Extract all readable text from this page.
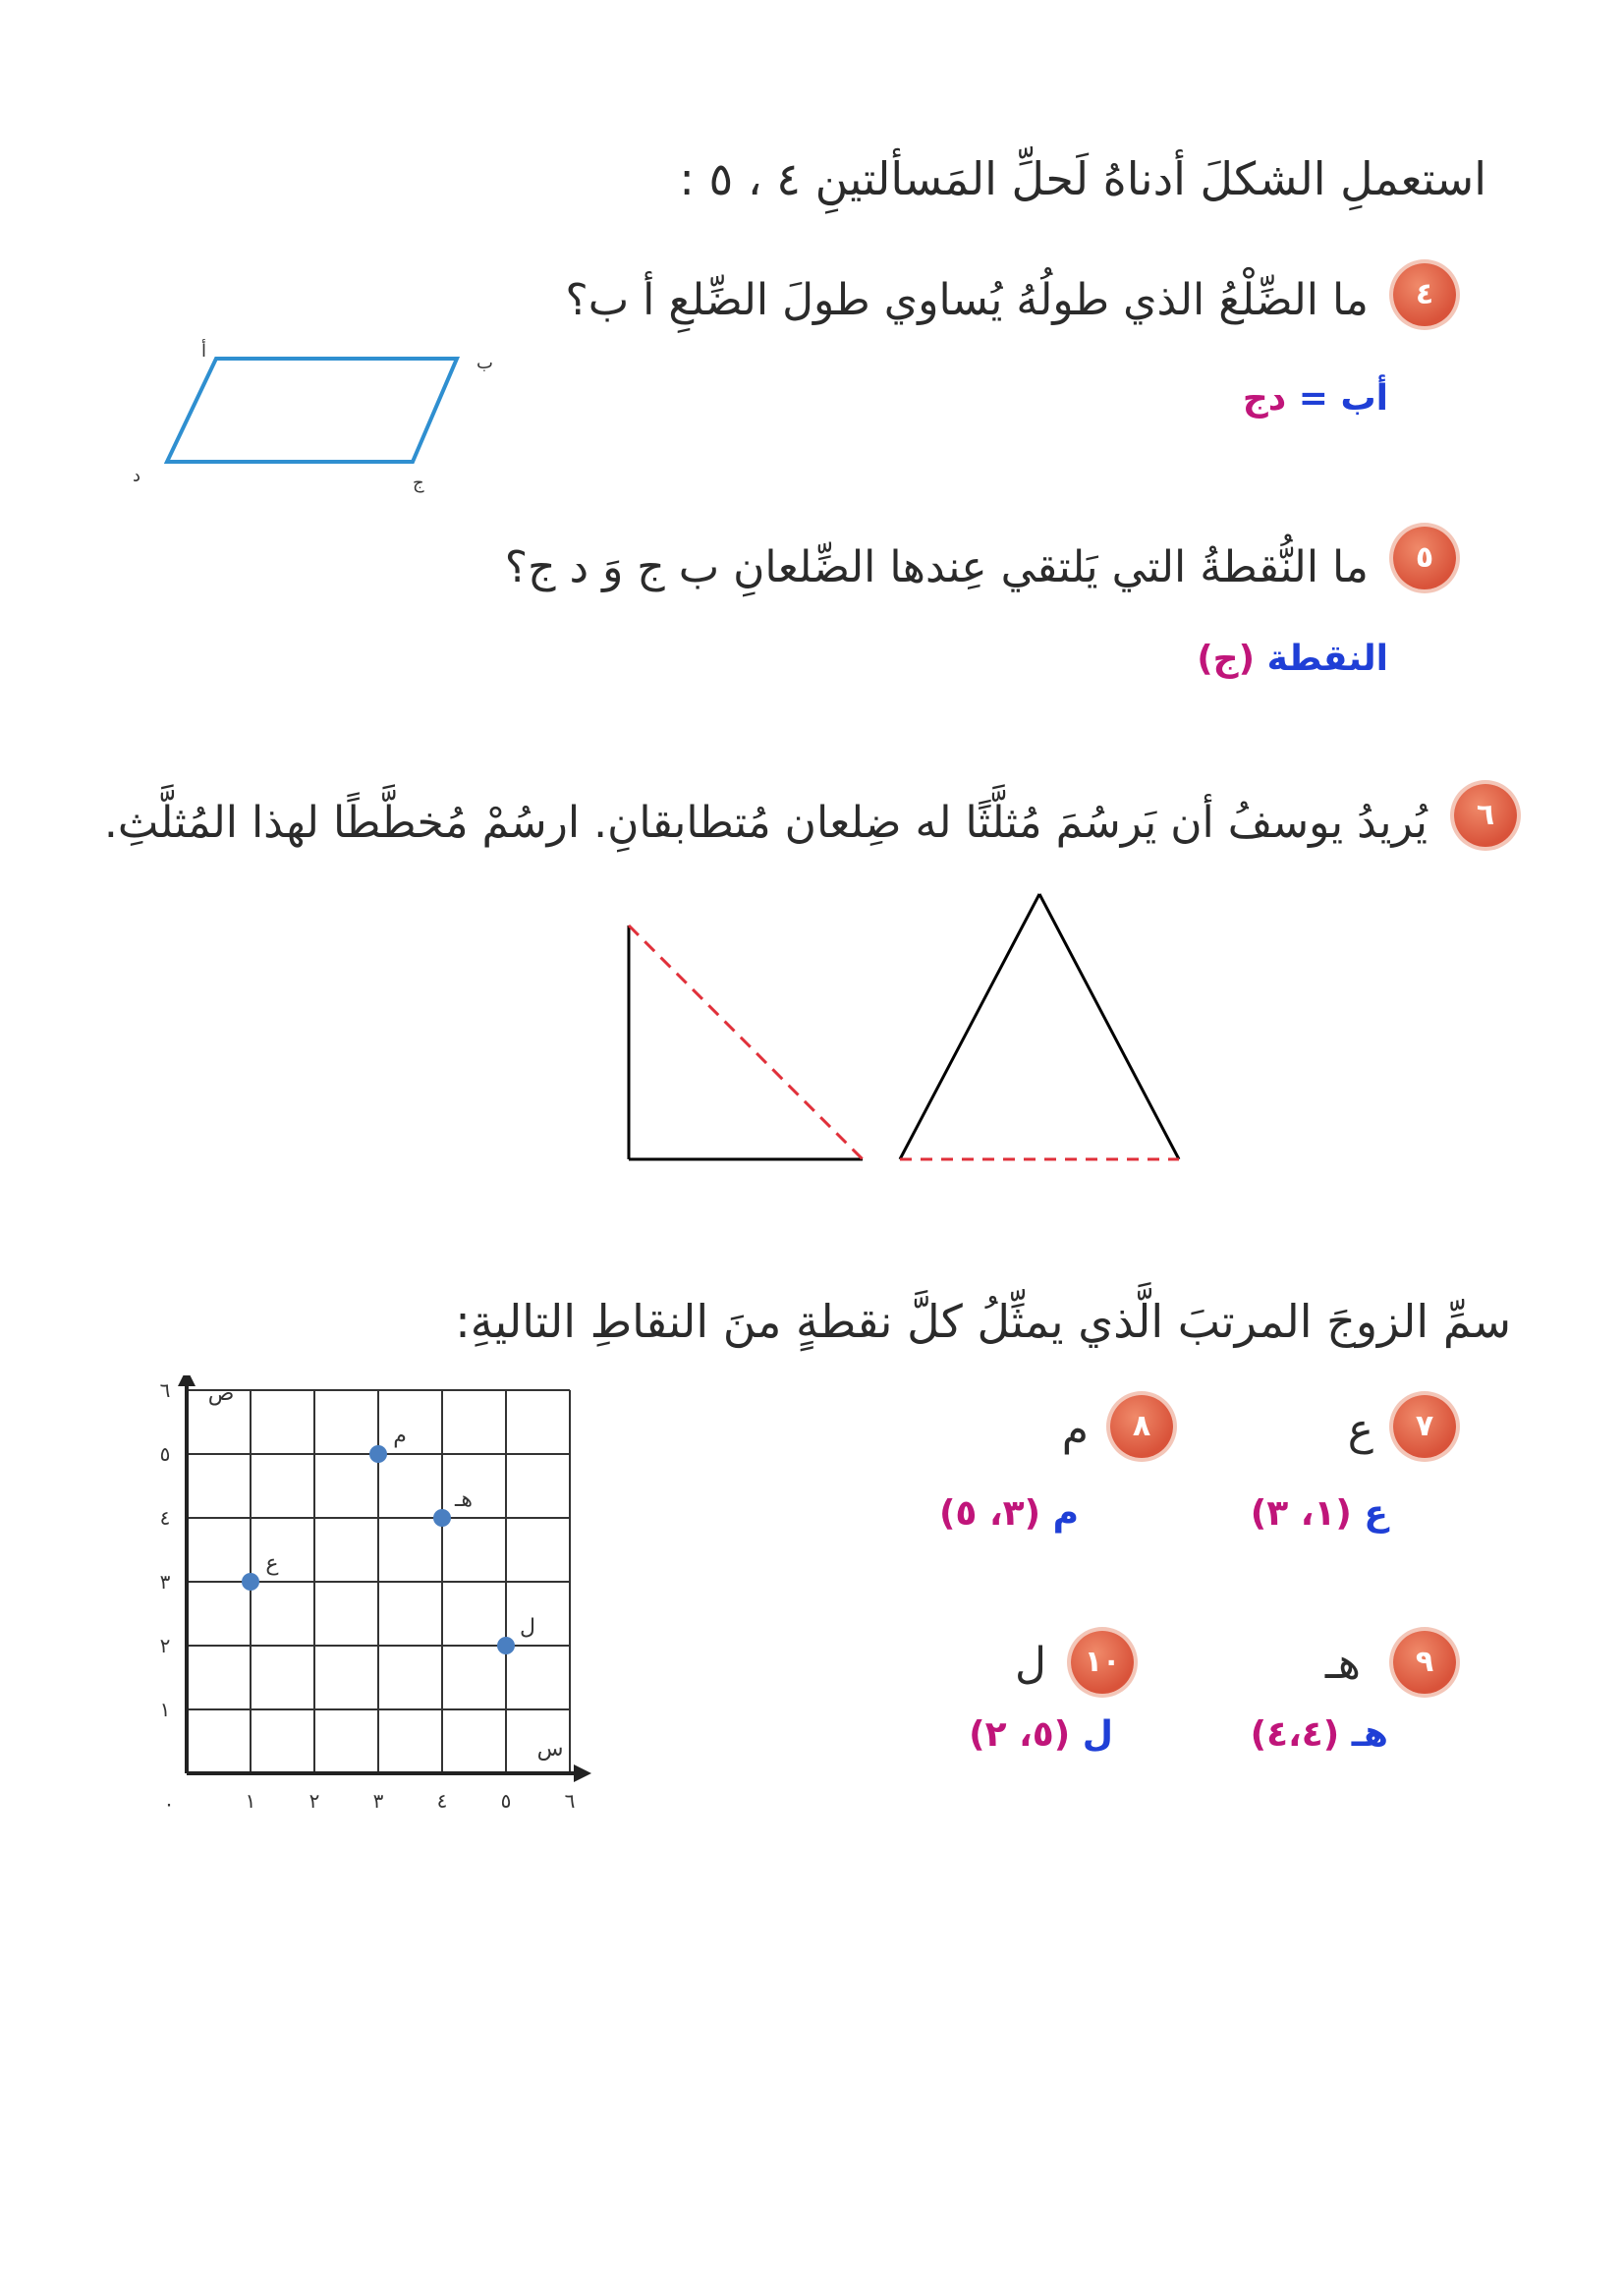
استعملِ الشكلَ أدناهُ لَحلِّ المَسألتينِ ٤ ، ٥ :
٤
ما الضِّلْعُ الذي طولُهُ يُساوي طولَ الضِّلعِ أ ب؟
أب = دج
أ
ب
ج
د
٥
ما النُّقطةُ التي يَلتقي عِندها الضِّلعانِ ب ج وَ د ج؟
النقطة (ج)
٦
يُريدُ يوسفُ أن يَرسُمَ مُثلَّثًا له ضِلعان مُتطابقانِ. ارسُمْ مُخطَّطًا لهذا المُثلَّثِ.
سمِّ الزوجَ المرتبَ الَّذي يمثِّلُ كلَّ نقطةٍ منَ النقاطِ التاليةِ:
٧
ع
ع (١، ٣)
٨
م
م (٣، ٥)
٩
هـ
هـ (٤،٤)
١٠
ل
ل (٥، ٢)
١	٢	٣	٤	٥	٦
١
٢
٣
٤
٥
٦
٠
س
ص
ع
م
هـ
ل
